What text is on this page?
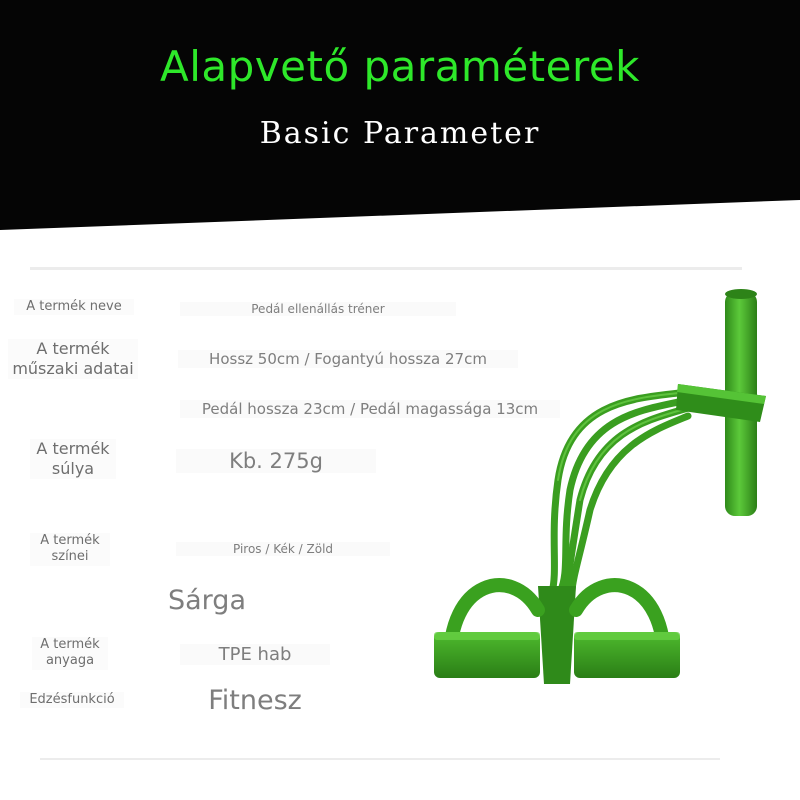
Alapvető paraméterek
Basic Parameter
A termék neve
A termék műszaki adatai
A termék súlya
A termék színei
A termék anyaga
Edzésfunkció
Pedál ellenállás tréner
Hossz 50cm / Fogantyú hossza 27cm
Pedál hossza 23cm / Pedál magassága 13cm
Kb. 275g
Piros / Kék / Zöld
Sárga
TPE hab
Fitnesz
